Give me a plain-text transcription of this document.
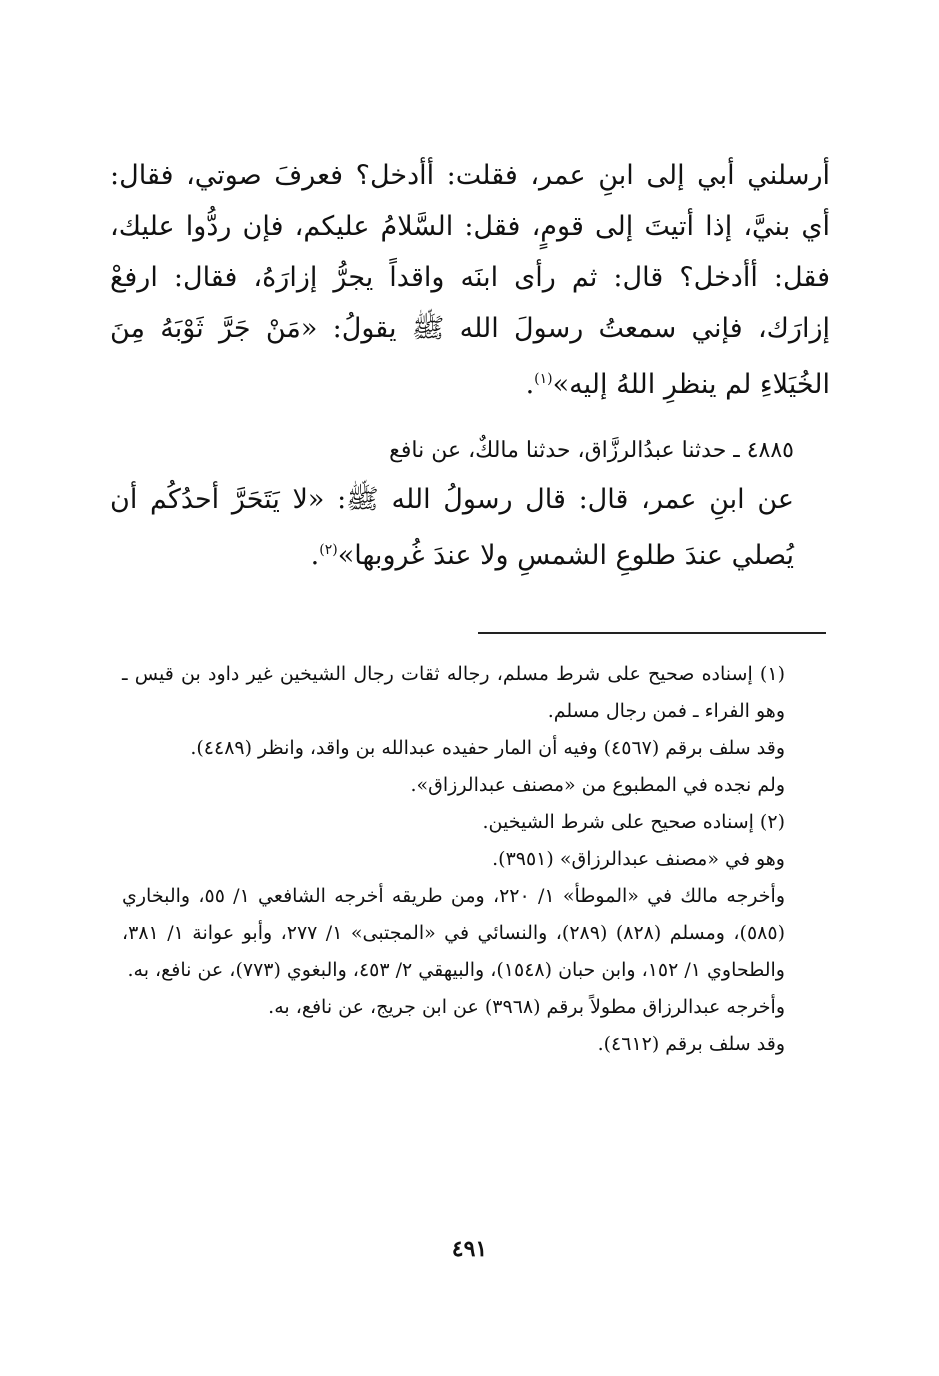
أرسلني أبي إلى ابنِ عمر، فقلت: أأدخل؟ فعرفَ صوتي، فقال: أي بنيَّ، إذا أتيتَ إلى قومٍ، فقل: السَّلامُ عليكم، فإن ردُّوا عليك، فقل: أأدخل؟ قال: ثم رأى ابنَه واقداً يجرُّ إزارَهُ، فقال: ارفعْ إزارَك، فإني سمعتُ رسولَ الله ﷺ يقولُ: «مَنْ جَرَّ ثَوْبَهُ مِنَ الخُيَلاءِ لم ينظرِ اللهُ إليه»$^{(١)}$.

٤٨٨٥ ـ حدثنا عبدُالرزَّاق، حدثنا مالكٌ، عن نافع

عن ابنِ عمر، قال: قال رسولُ الله ﷺ: «لا يَتَحَرَّ أحدُكُم أن يُصلي عندَ طلوعِ الشمسِ ولا عندَ غُروبها»$^{(٢)}$.

(١) إسناده صحيح على شرط مسلم، رجاله ثقات رجال الشيخين غير داود بن قيس ـ وهو الفراء ـ فمن رجال مسلم.

وقد سلف برقم (٤٥٦٧) وفيه أن المار حفيده عبدالله بن واقد، وانظر (٤٤٨٩).

ولم نجده في المطبوع من «مصنف عبدالرزاق».

(٢) إسناده صحيح على شرط الشيخين.

وهو في «مصنف عبدالرزاق» (٣٩٥١).

وأخرجه مالك في «الموطأ» ١/ ٢٢٠، ومن طريقه أخرجه الشافعي ١/ ٥٥، والبخاري (٥٨٥)، ومسلم (٨٢٨) (٢٨٩)، والنسائي في «المجتبى» ١/ ٢٧٧، وأبو عوانة ١/ ٣٨١، والطحاوي ١/ ١٥٢، وابن حبان (١٥٤٨)، والبيهقي ٢/ ٤٥٣، والبغوي (٧٧٣)، عن نافع، به.

وأخرجه عبدالرزاق مطولاً برقم (٣٩٦٨) عن ابن جريج، عن نافع، به.

وقد سلف برقم (٤٦١٢).

٤٩١
